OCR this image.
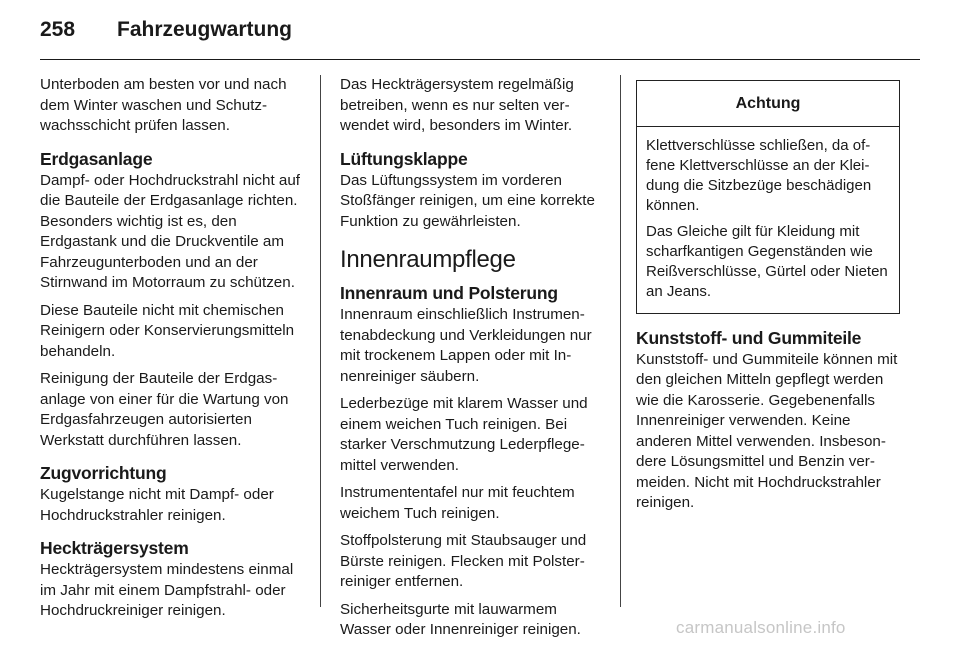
258 Fahrzeugwartung

Unterboden am besten vor und nach dem Winter waschen und Schutzwachsschicht prüfen lassen.

Erdgasanlage

Dampf- oder Hochdruckstrahl nicht auf die Bauteile der Erdgasanlage richten. Besonders wichtig ist es, den Erdgastank und die Druckventile am Fahrzeugunterboden und an der Stirnwand im Motorraum zu schützen.

Diese Bauteile nicht mit chemischen Reinigern oder Konservierungsmitteln behandeln.

Reinigung der Bauteile der Erdgasanlage von einer für die Wartung von Erdgasfahrzeugen autorisierten Werkstatt durchführen lassen.

Zugvorrichtung

Kugelstange nicht mit Dampf- oder Hochdruckstrahler reinigen.

Heckträgersystem

Heckträgersystem mindestens einmal im Jahr mit einem Dampfstrahl- oder Hochdruckreiniger reinigen.

Das Heckträgersystem regelmäßig betreiben, wenn es nur selten verwendet wird, besonders im Winter.

Lüftungsklappe

Das Lüftungssystem im vorderen Stoßfänger reinigen, um eine korrekte Funktion zu gewährleisten.

Innenraumpflege
Innenraum und Polsterung

Innenraum einschließlich Instrumentenabdeckung und Verkleidungen nur mit trockenem Lappen oder mit Innenreiniger säubern.

Lederbezüge mit klarem Wasser und einem weichen Tuch reinigen. Bei starker Verschmutzung Lederpflegemittel verwenden.

Instrumententafel nur mit feuchtem weichem Tuch reinigen.

Stoffpolsterung mit Staubsauger und Bürste reinigen. Flecken mit Polsterreiniger entfernen.

Sicherheitsgurte mit lauwarmem Wasser oder Innenreiniger reinigen.

Achtung

Klettverschlüsse schließen, da offene Klettverschlüsse an der Kleidung die Sitzbezüge beschädigen können.

Das Gleiche gilt für Kleidung mit scharfkantigen Gegenständen wie Reißverschlüsse, Gürtel oder Nieten an Jeans.

Kunststoff- und Gummiteile

Kunststoff- und Gummiteile können mit den gleichen Mitteln gepflegt werden wie die Karosserie. Gegebenenfalls Innenreiniger verwenden. Keine anderen Mittel verwenden. Insbesondere Lösungsmittel und Benzin vermeiden. Nicht mit Hochdruckstrahler reinigen.

carmanualsonline.info
